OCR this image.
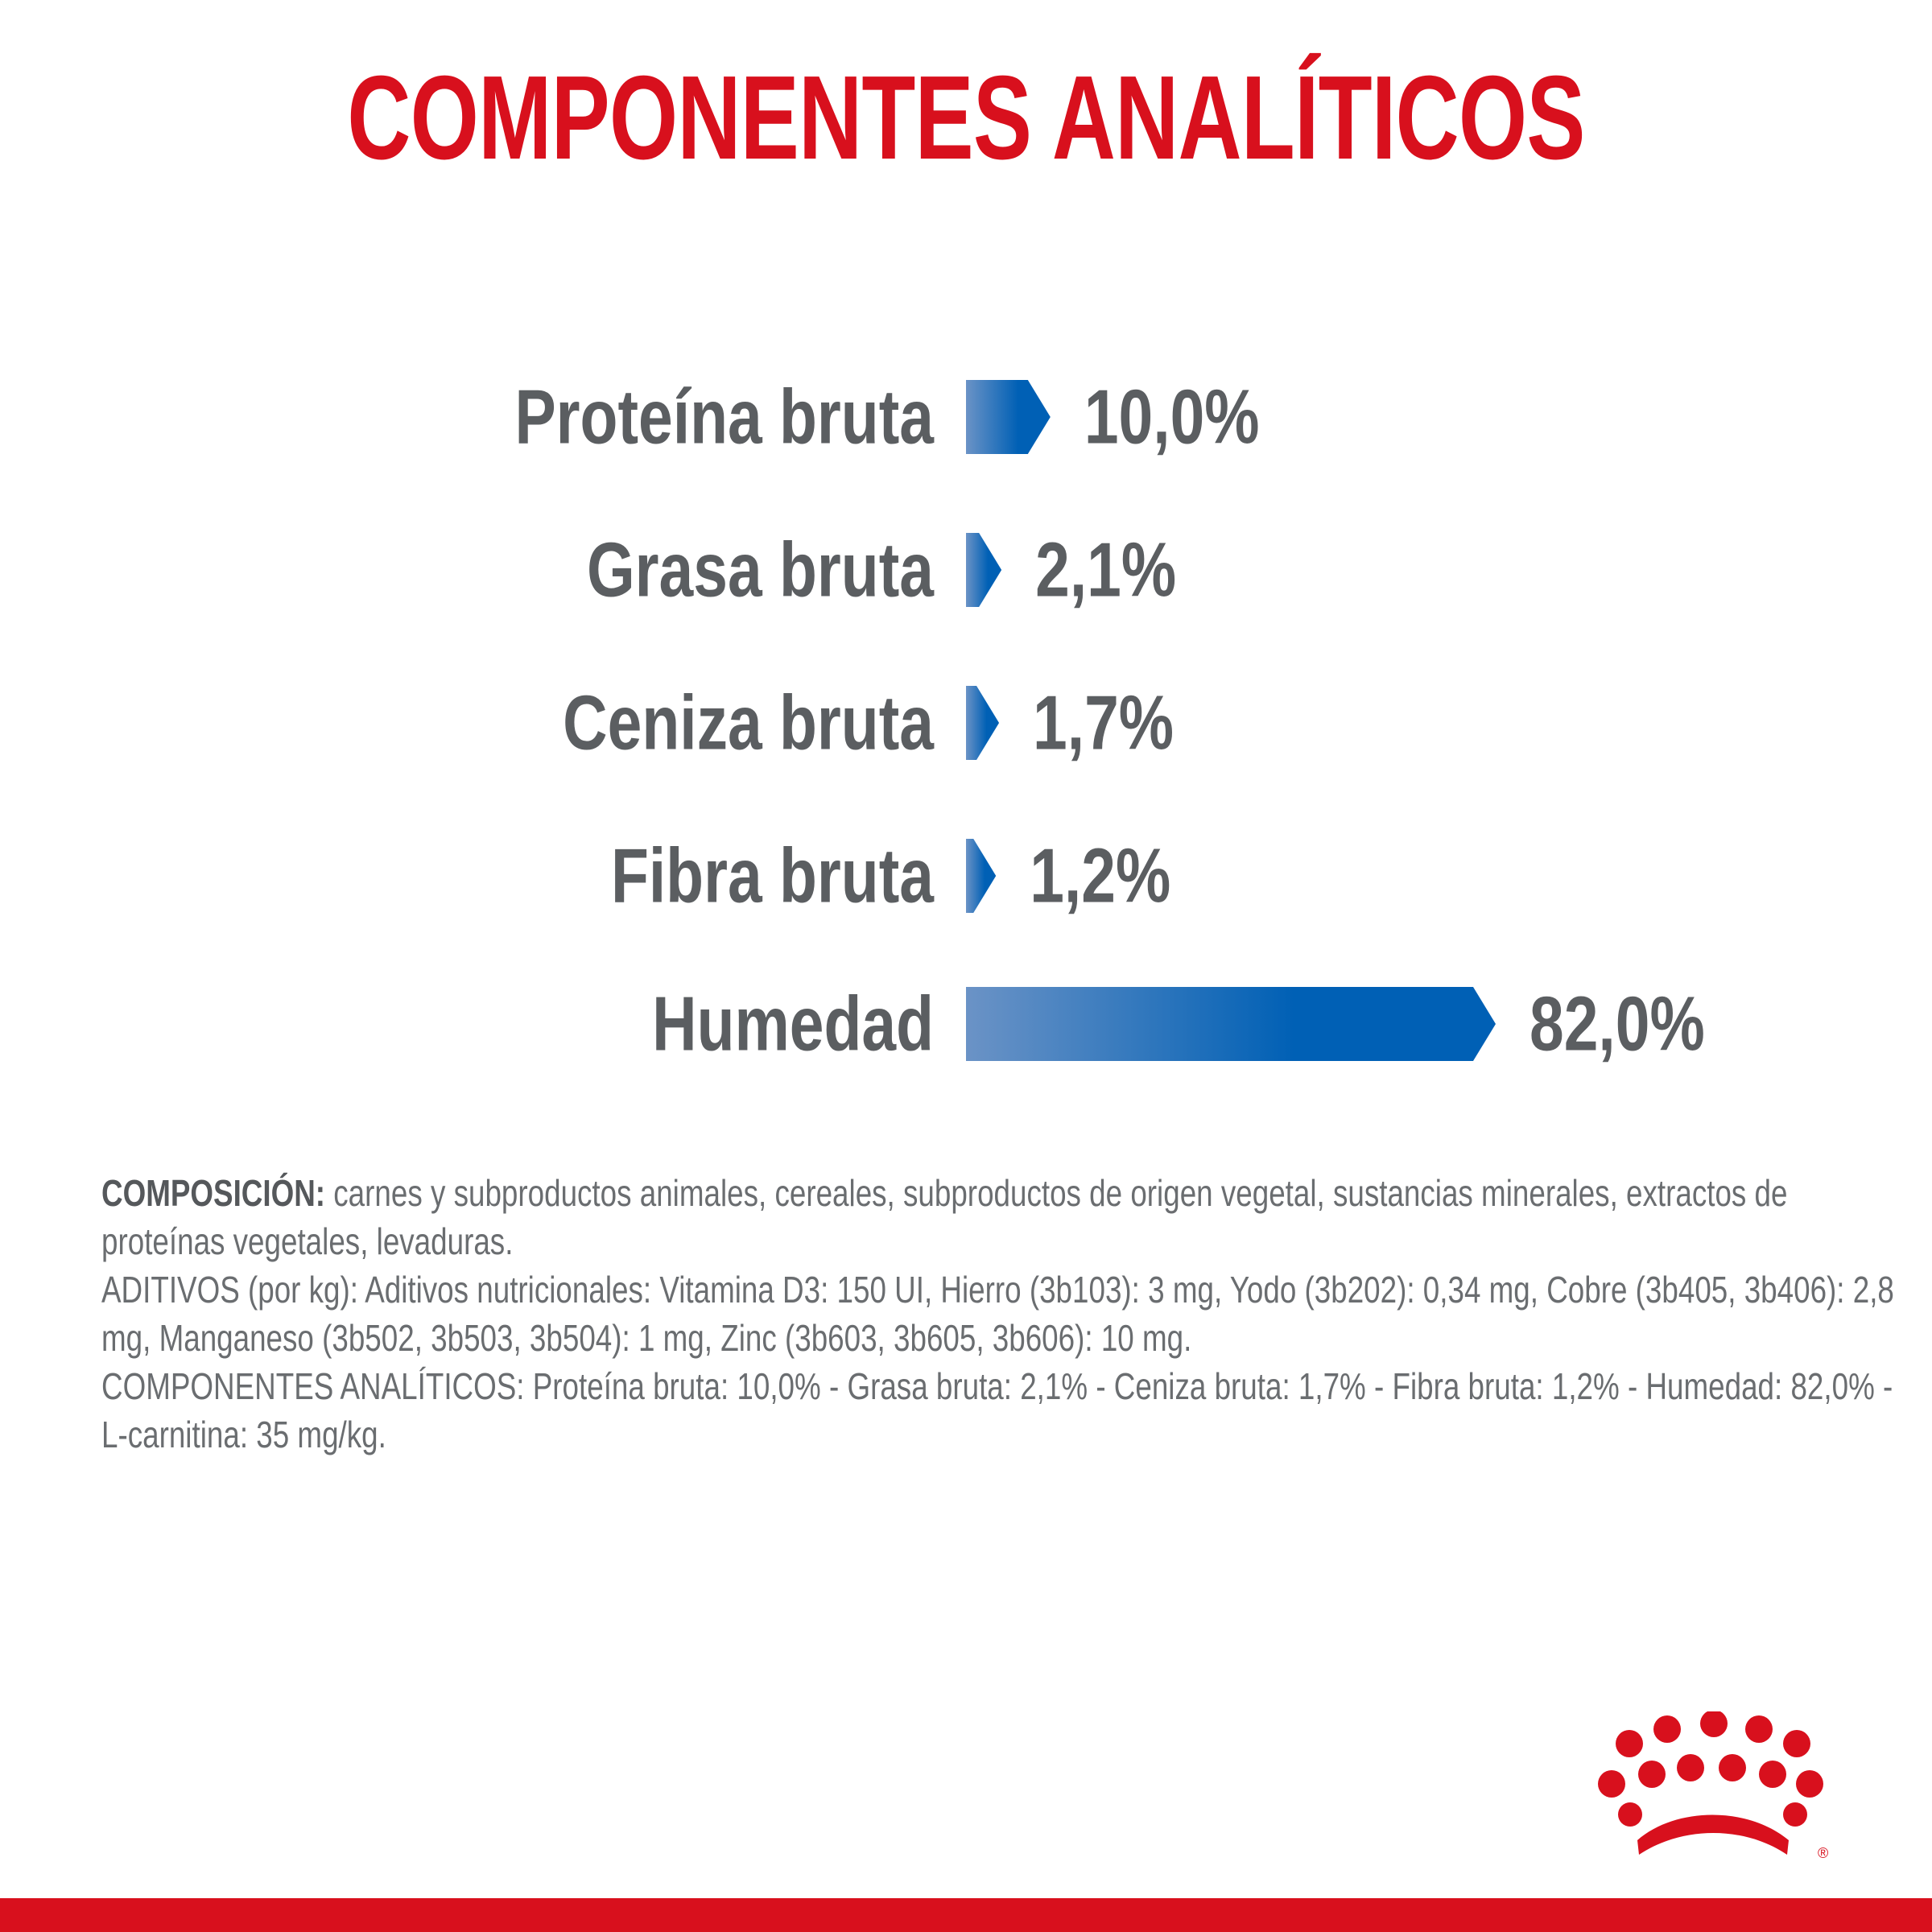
COMPONENTES ANALÍTICOS
Proteína bruta 10,0%
Grasa bruta 2,1%
Ceniza bruta 1,7%
Fibra bruta 1,2%
Humedad	82,0%

COMPOSICIÓN: carnes y subproductos animales, cereales, subproductos de origen vegetal, sustancias minerales, extractos de proteínas vegetales, levaduras.

ADITIVOS (por kg): Aditivos nutricionales: Vitamina D3: 150 UI, Hierro (3b103): 3 mg, Yodo (3b202): 0,34 mg, Cobre (3b405, 3b406): 2,8 mg, Manganeso (3b502, 3b503, 3b504): 1 mg, Zinc (3b603, 3b605, 3b606): 10 mg.

COMPONENTES ANALÍTICOS: Proteína bruta: 10,0% - Grasa bruta: 2,1% - Ceniza bruta: 1,7% - Fibra bruta: 1,2% - Humedad: 82,0% - L-carnitina: 35 mg/kg.

®
